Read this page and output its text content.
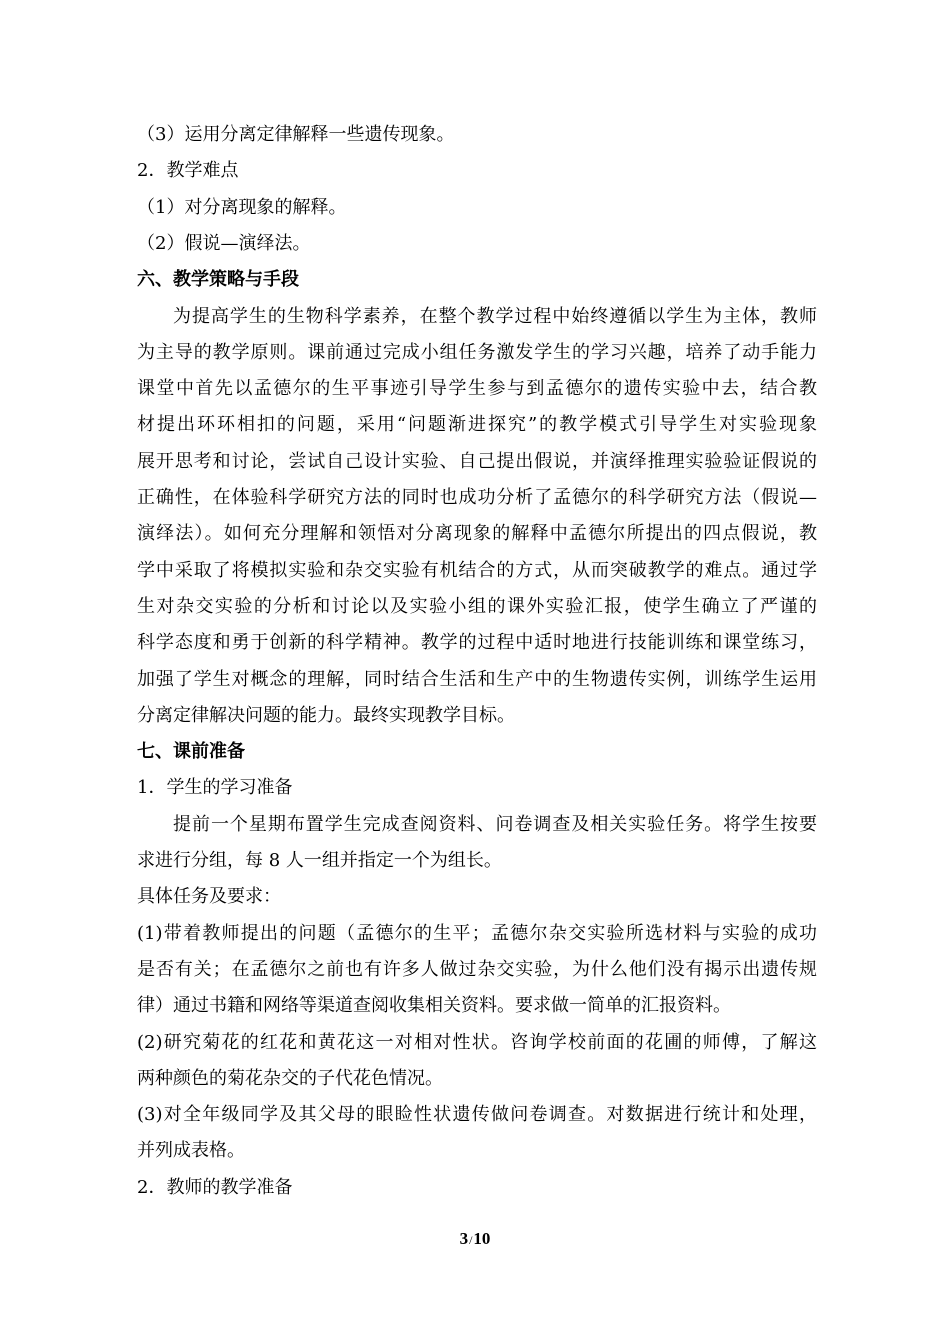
（3）运用分离定律解释一些遗传现象。
2．教学难点
（1）对分离现象的解释。
（2）假说—演绎法。
六、教学策略与手段
为提高学生的生物科学素养，在整个教学过程中始终遵循以学生为主体，教师
为主导的教学原则。课前通过完成小组任务激发学生的学习兴趣，培养了动手能力
课堂中首先以孟德尔的生平事迹引导学生参与到孟德尔的遗传实验中去，结合教
材提出环环相扣的问题，采用“问题渐进探究”的教学模式引导学生对实验现象
展开思考和讨论，尝试自己设计实验、自己提出假说，并演绎推理实验验证假说的
正确性，在体验科学研究方法的同时也成功分析了孟德尔的科学研究方法（假说—
演绎法）。如何充分理解和领悟对分离现象的解释中孟德尔所提出的四点假说，教
学中采取了将模拟实验和杂交实验有机结合的方式，从而突破教学的难点。通过学
生对杂交实验的分析和讨论以及实验小组的课外实验汇报，使学生确立了严谨的
科学态度和勇于创新的科学精神。教学的过程中适时地进行技能训练和课堂练习，
加强了学生对概念的理解，同时结合生活和生产中的生物遗传实例，训练学生运用
分离定律解决问题的能力。最终实现教学目标。
七、课前准备
1．学生的学习准备
提前一个星期布置学生完成查阅资料、问卷调查及相关实验任务。将学生按要
求进行分组，每 8 人一组并指定一个为组长。
具体任务及要求：
(1)带着教师提出的问题（孟德尔的生平；孟德尔杂交实验所选材料与实验的成功
是否有关；在孟德尔之前也有许多人做过杂交实验，为什么他们没有揭示出遗传规
律）通过书籍和网络等渠道查阅收集相关资料。要求做一简单的汇报资料。
(2)研究菊花的红花和黄花这一对相对性状。咨询学校前面的花圃的师傅，了解这
两种颜色的菊花杂交的子代花色情况。
(3)对全年级同学及其父母的眼睑性状遗传做问卷调查。对数据进行统计和处理，
并列成表格。
2．教师的教学准备
3/10
